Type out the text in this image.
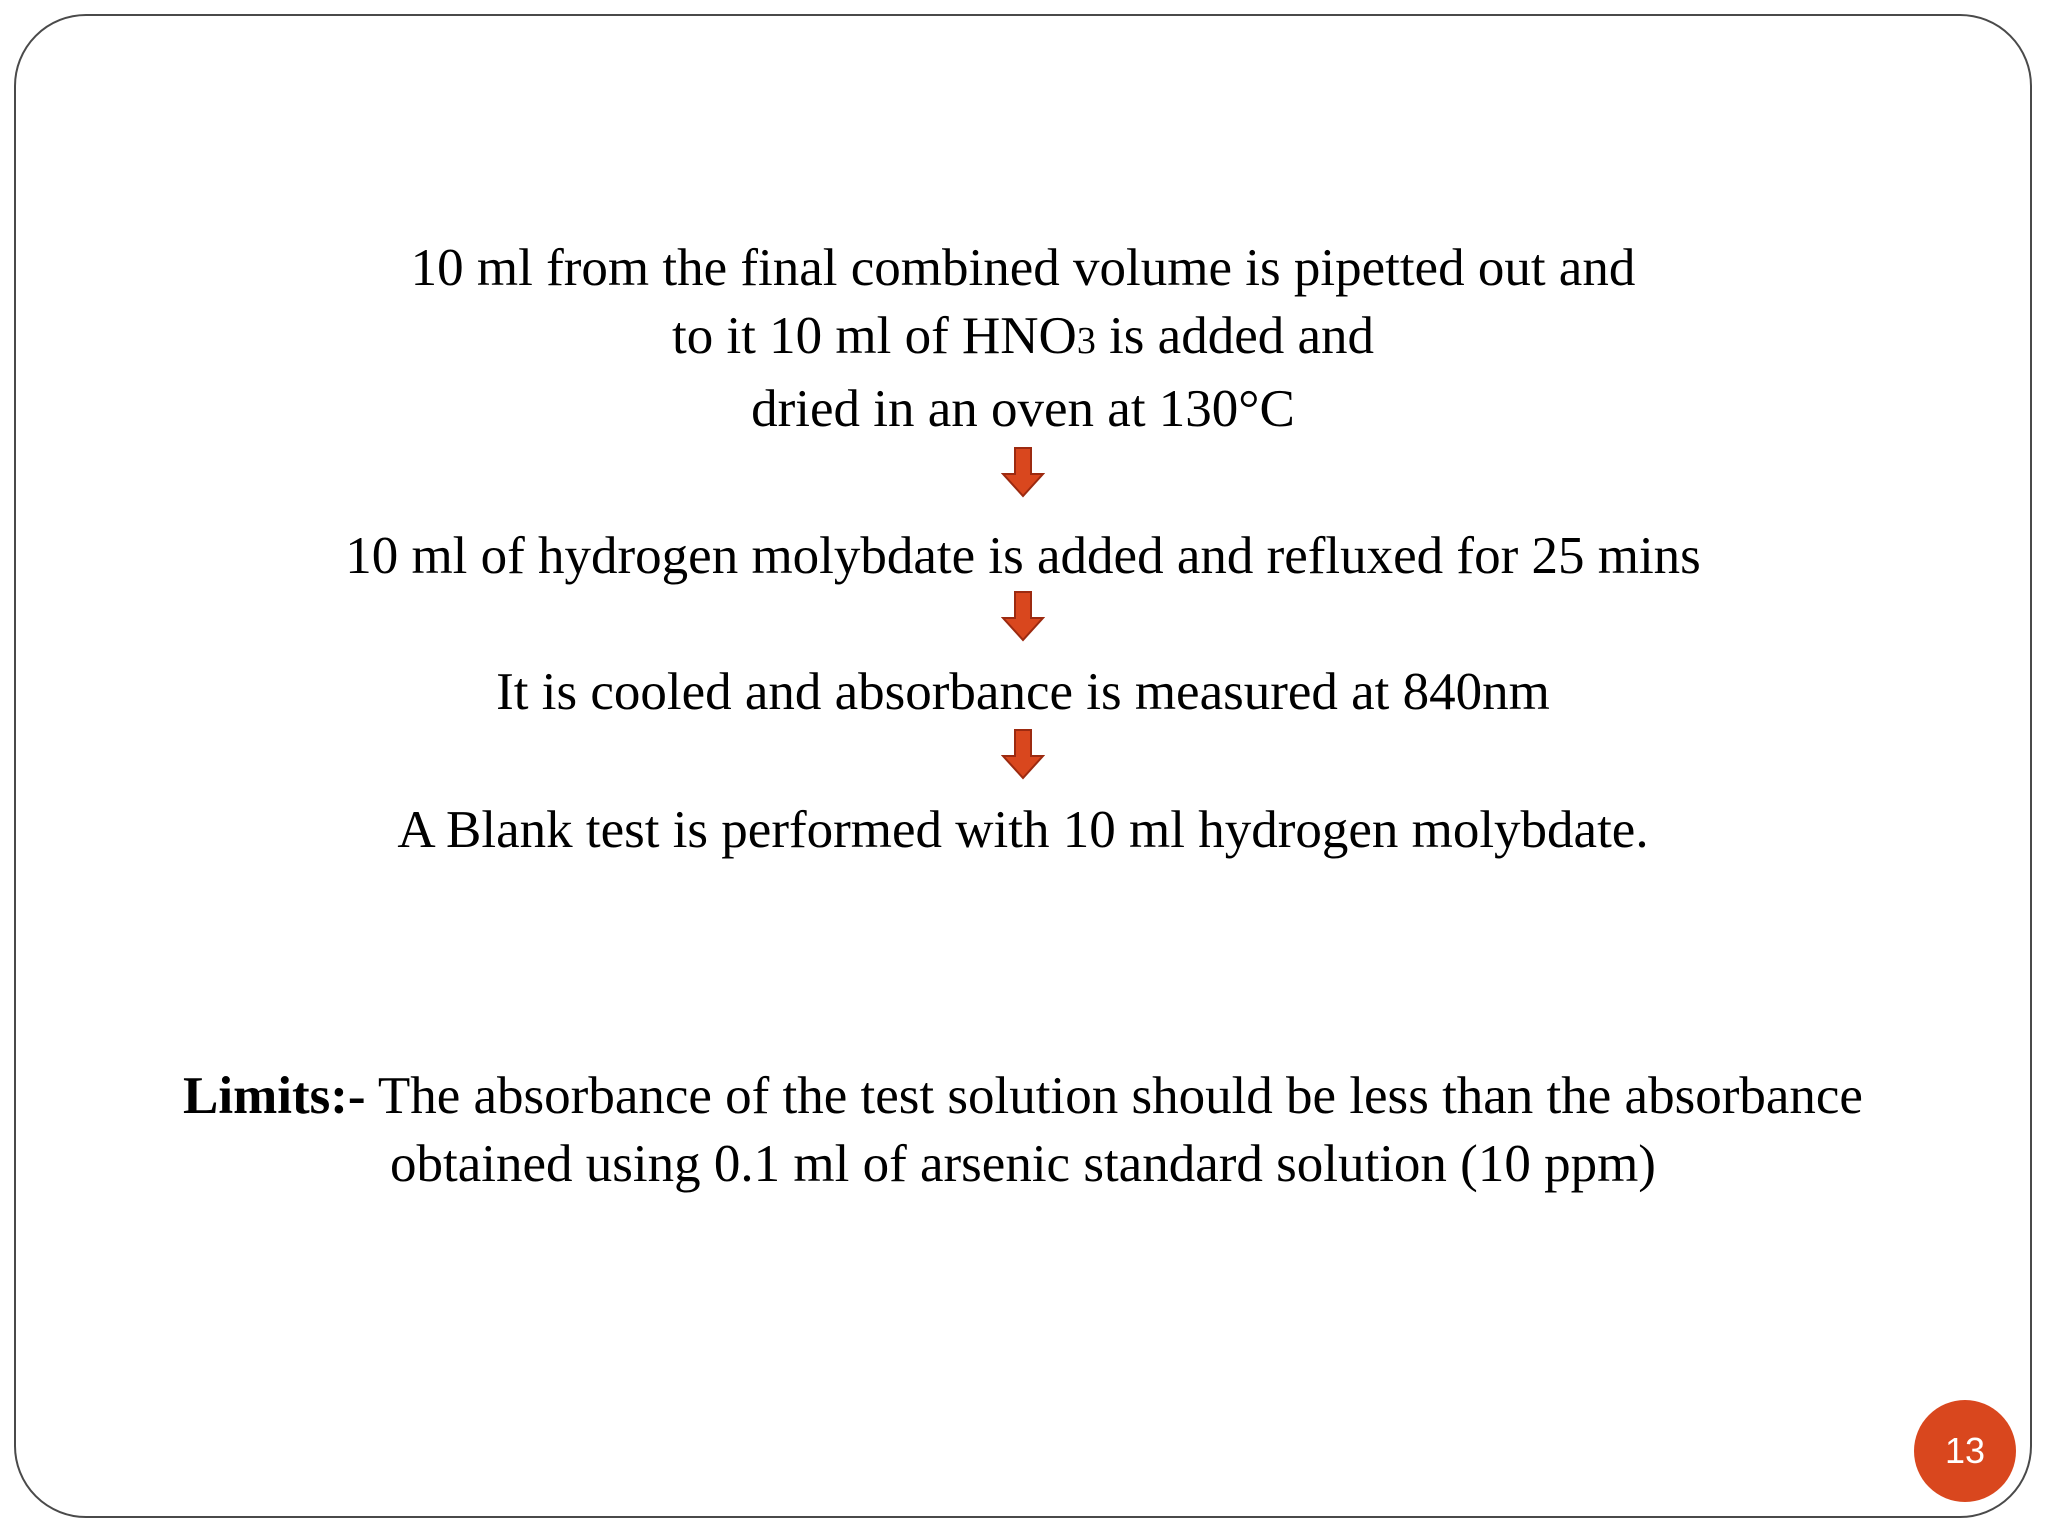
10 ml from the final combined volume is pipetted out and
to it 10 ml of HNO3 is added and
dried in an oven at 130°C
10 ml of hydrogen molybdate is added and refluxed for 25 mins
It is cooled and absorbance is measured at 840nm
A Blank test is performed with 10 ml hydrogen molybdate.
Limits:- The absorbance of the test solution should be less than the absorbance
obtained using 0.1 ml of arsenic standard solution (10 ppm)
13
